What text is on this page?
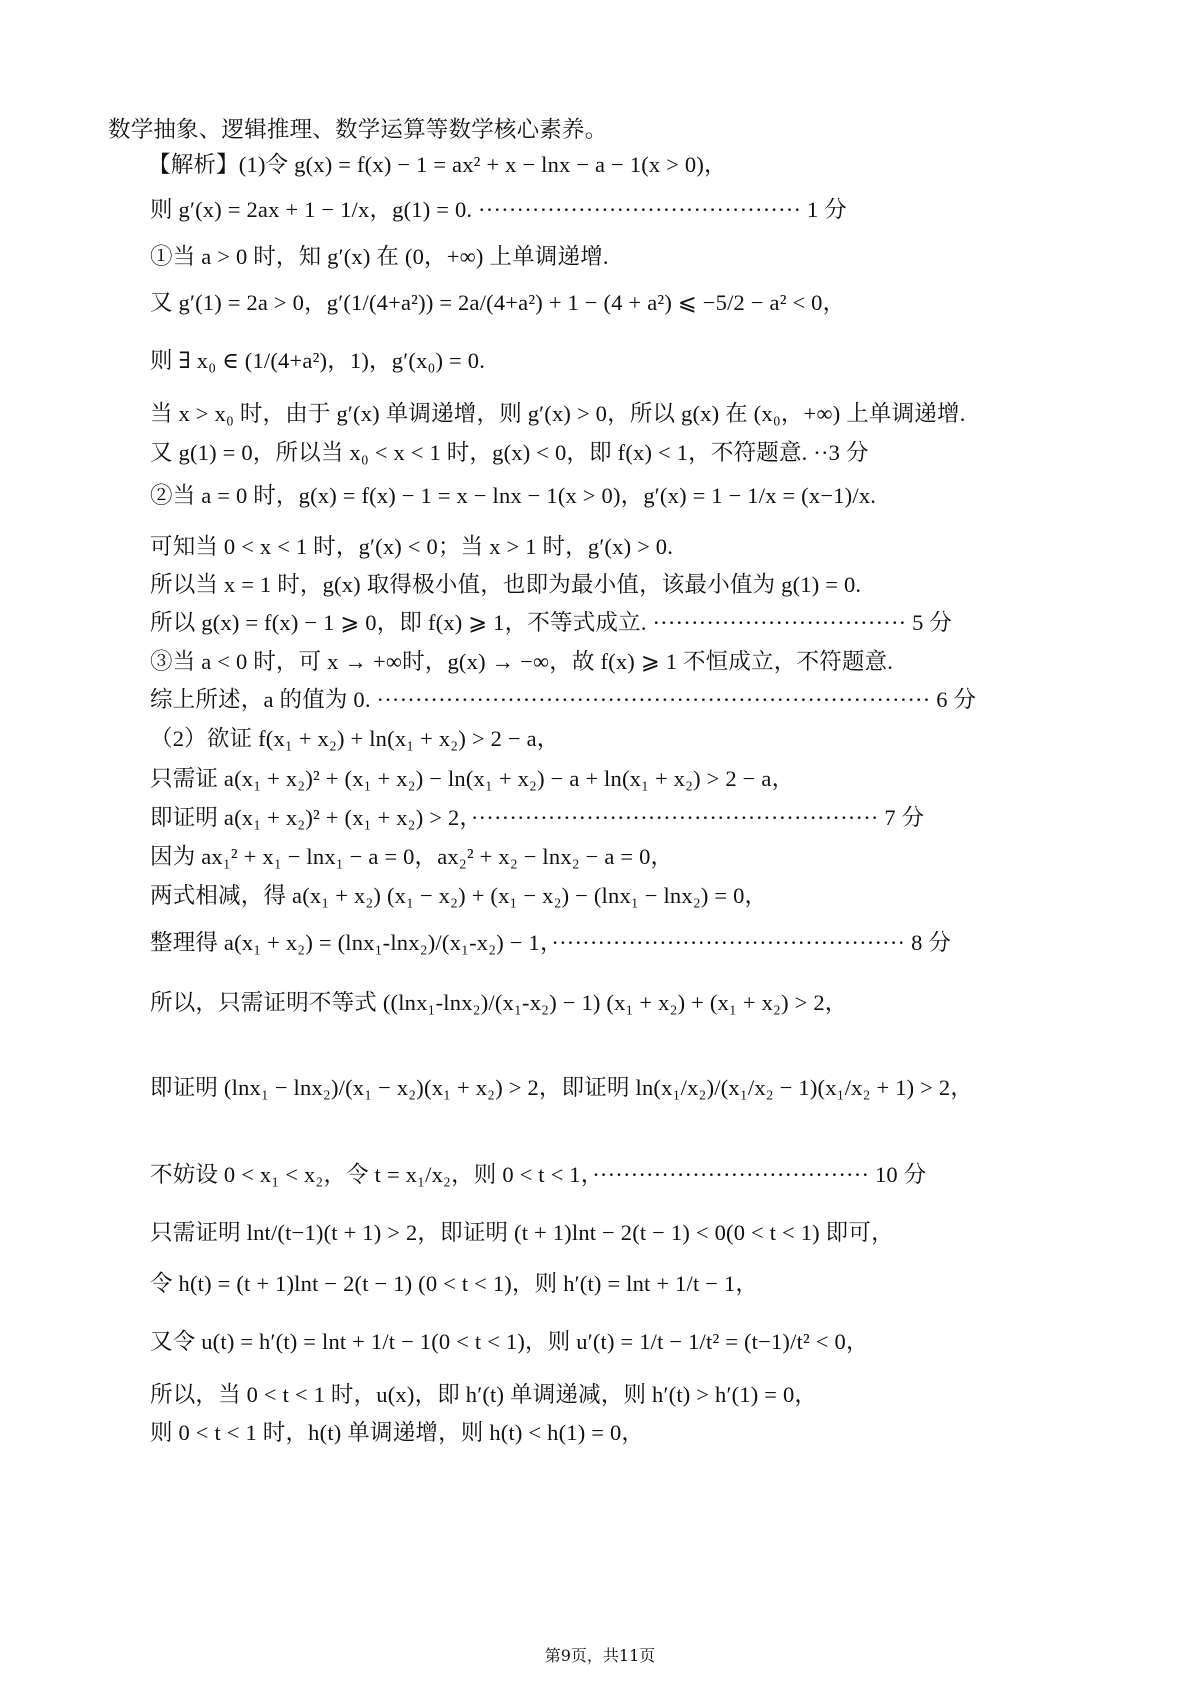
数学抽象、逻辑推理、数学运算等数学核心素养。
【解析】(1)令 g(x) = f(x) − 1 = ax² + x − lnx − a − 1(x > 0)，
则 g′(x) = 2ax + 1 − 1/x，g(1) = 0. ·········································· 1 分
①当 a > 0 时，知 g′(x) 在 (0，+∞) 上单调递增.
又 g′(1) = 2a > 0，g′(1/(4+a²)) = 2a/(4+a²) + 1 − (4 + a²) ⩽ −5/2 − a² < 0，
则 ∃ x₀ ∈ (1/(4+a²)，1)，g′(x₀) = 0.
当 x > x₀ 时，由于 g′(x) 单调递增，则 g′(x) > 0，所以 g(x) 在 (x₀，+∞) 上单调递增.
又 g(1) = 0，所以当 x₀ < x < 1 时，g(x) < 0，即 f(x) < 1，不符题意. ··3 分
②当 a = 0 时，g(x) = f(x) − 1 = x − lnx − 1(x > 0)，g′(x) = 1 − 1/x = (x−1)/x.
可知当 0 < x < 1 时，g′(x) < 0；当 x > 1 时，g′(x) > 0.
所以当 x = 1 时，g(x) 取得极小值，也即为最小值，该最小值为 g(1) = 0.
所以 g(x) = f(x) − 1 ⩾ 0，即 f(x) ⩾ 1，不等式成立. ································· 5 分
③当 a < 0 时，可 x → +∞时，g(x) → −∞，故 f(x) ⩾ 1 不恒成立，不符题意.
综上所述，a 的值为 0. ········································································ 6 分
（2）欲证 f(x₁ + x₂) + ln(x₁ + x₂) > 2 − a，
只需证 a(x₁ + x₂)² + (x₁ + x₂) − ln(x₁ + x₂) − a + ln(x₁ + x₂) > 2 − a，
即证明 a(x₁ + x₂)² + (x₁ + x₂) > 2，····················································· 7 分
因为 ax₁² + x₁ − lnx₁ − a = 0，ax₂² + x₂ − lnx₂ − a = 0，
两式相减，得 a(x₁ + x₂) (x₁ − x₂) + (x₁ − x₂) − (lnx₁ − lnx₂) = 0，
整理得 a(x₁ + x₂) = (lnx₁-lnx₂)/(x₁-x₂) − 1，·············································· 8 分
所以，只需证明不等式 ((lnx₁-lnx₂)/(x₁-x₂) − 1) (x₁ + x₂) + (x₁ + x₂) > 2，
即证明 (lnx₁ − lnx₂)/(x₁ − x₂)(x₁ + x₂) > 2，即证明 ln(x₁/x₂)/(x₁/x₂ − 1)(x₁/x₂ + 1) > 2，
不妨设 0 < x₁ < x₂，令 t = x₁/x₂，则 0 < t < 1，···································· 10 分
只需证明 lnt/(t−1)(t + 1) > 2，即证明 (t + 1)lnt − 2(t − 1) < 0(0 < t < 1) 即可，
令 h(t) = (t + 1)lnt − 2(t − 1) (0 < t < 1)，则 h′(t) = lnt + 1/t − 1，
又令 u(t) = h′(t) = lnt + 1/t − 1(0 < t < 1)，则 u′(t) = 1/t − 1/t² = (t−1)/t² < 0，
所以，当 0 < t < 1 时，u(x)，即 h′(t) 单调递减，则 h′(t) > h′(1) = 0，
则 0 < t < 1 时，h(t) 单调递增，则 h(t) < h(1) = 0，
第9页，共11页
